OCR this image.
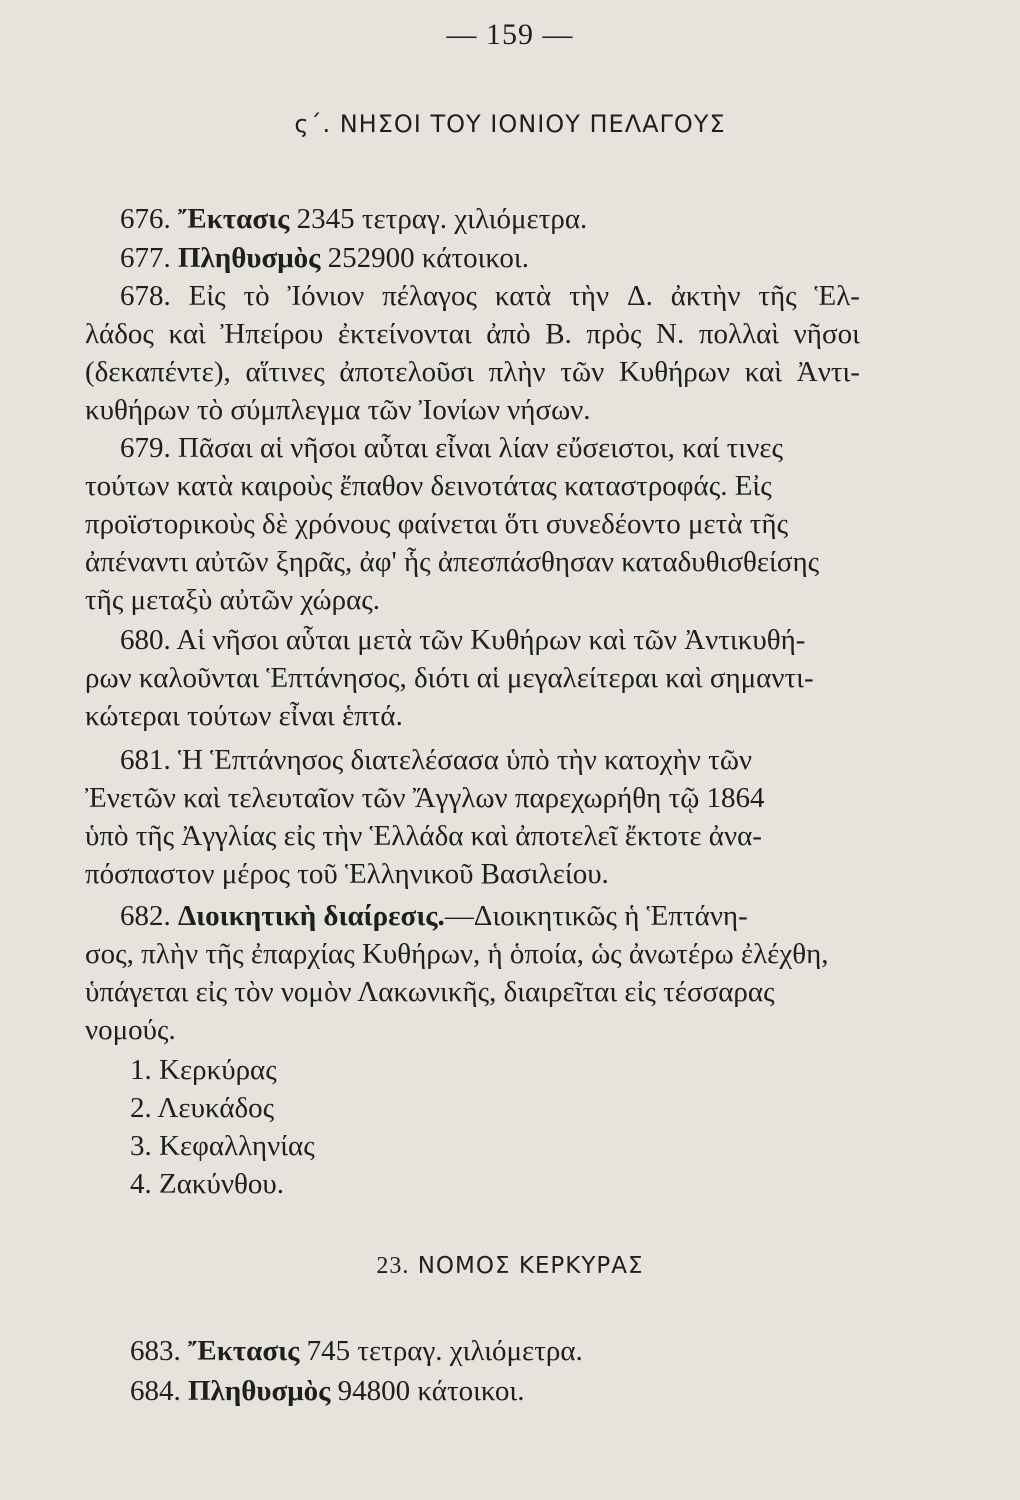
— 159 —
ς΄. ΝΗΣΟΙ ΤΟΥ ΙΟΝΙΟΥ ΠΕΛΑΓΟΥΣ
676. Ἔκτασις 2345 τετραγ. χιλιόμετρα.
677. Πληθυσμὸς 252900 κάτοικοι.
678. Εἰς τὸ Ἰόνιον πέλαγος κατὰ τὴν Δ. ἀκτὴν τῆς Ἑλ-
λάδος καὶ Ἠπείρου ἐκτείνονται ἀπὸ Β. πρὸς Ν. πολλαὶ νῆσοι
(δεκαπέντε), αἵτινες ἀποτελοῦσι πλὴν τῶν Κυθήρων καὶ Ἀντι-
κυθήρων τὸ σύμπλεγμα τῶν Ἰονίων νήσων.
679. Πᾶσαι αἱ νῆσοι αὗται εἶναι λίαν εὔσειστοι, καί τινες
τούτων κατὰ καιροὺς ἔπαθον δεινοτάτας καταστροφάς. Εἰς
προϊστορικοὺς δὲ χρόνους φαίνεται ὅτι συνεδέοντο μετὰ τῆς
ἀπέναντι αὐτῶν ξηρᾶς, ἀφ' ἧς ἀπεσπάσθησαν καταδυθισθείσης
τῆς μεταξὺ αὐτῶν χώρας.
680. Αἱ νῆσοι αὗται μετὰ τῶν Κυθήρων καὶ τῶν Ἀντικυθή-
ρων καλοῦνται Ἑπτάνησος, διότι αἱ μεγαλείτεραι καὶ σημαντι-
κώτεραι τούτων εἶναι ἑπτά.
681. Ἡ Ἑπτάνησος διατελέσασα ὑπὸ τὴν κατοχὴν τῶν
Ἐνετῶν καὶ τελευταῖον τῶν Ἄγγλων παρεχωρήθη τῷ 1864
ὑπὸ τῆς Ἀγγλίας εἰς τὴν Ἑλλάδα καὶ ἀποτελεῖ ἔκτοτε ἀνα-
πόσπαστον μέρος τοῦ Ἑλληνικοῦ Βασιλείου.
682. Διοικητικὴ διαίρεσις.—Διοικητικῶς ἡ Ἑπτάνη-
σος, πλὴν τῆς ἐπαρχίας Κυθήρων, ἡ ὁποία, ὡς ἀνωτέρω ἐλέχθη,
ὑπάγεται εἰς τὸν νομὸν Λακωνικῆς, διαιρεῖται εἰς τέσσαρας
νομούς.
1. Κερκύρας
2. Λευκάδος
3. Κεφαλληνίας
4. Ζακύνθου.
23. ΝΟΜΟΣ ΚΕΡΚΥΡΑΣ
683. Ἔκτασις 745 τετραγ. χιλιόμετρα.
684. Πληθυσμὸς 94800 κάτοικοι.
